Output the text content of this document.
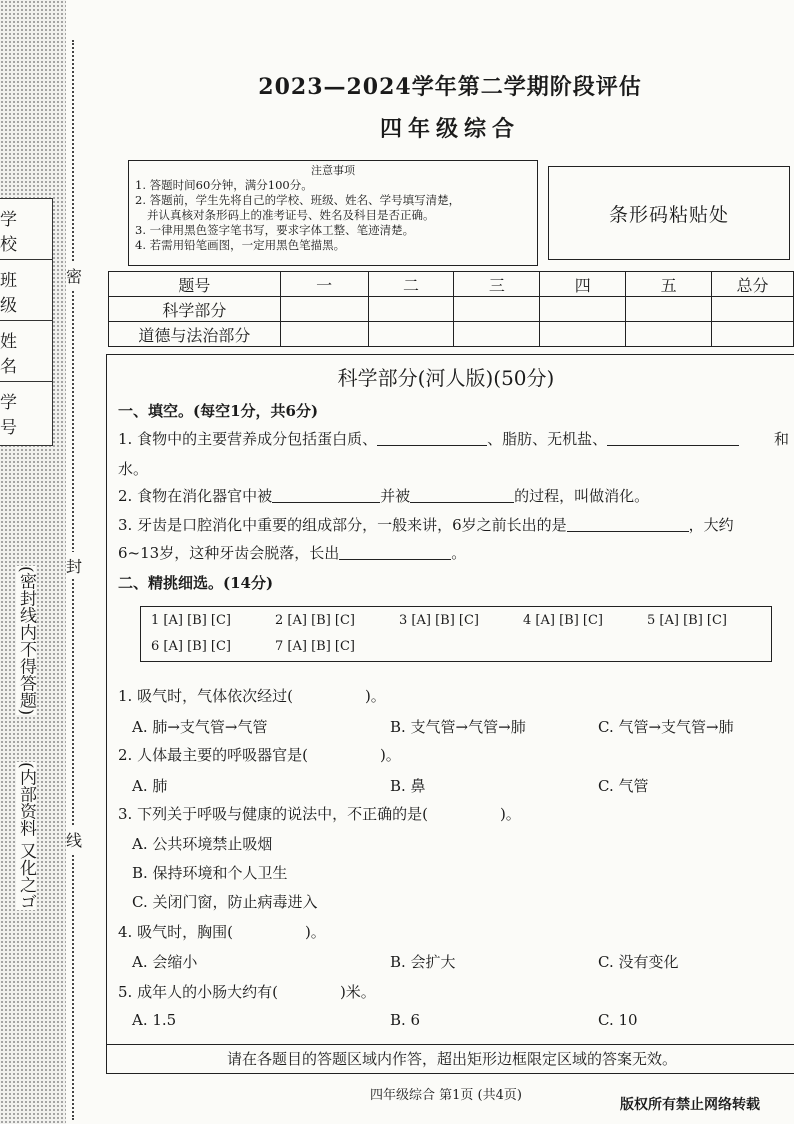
学 校
班 级
姓 名
学 号
密
封
线
(密封线内不得答题)
(内部资料 又化之ゴ
2023—2024学年第二学期阶段评估
四年级综合
注意事项
1. 答题时间60分钟，满分100分。
2. 答题前，学生先将自己的学校、班级、姓名、学号填写清楚，
并认真核对条形码上的准考证号、姓名及科目是否正确。
3. 一律用黑色签字笔书写，要求字体工整、笔迹清楚。
4. 若需用铅笔画图，一定用黑色笔描黑。
条形码粘贴处
题号	一	二	三	四	五	总分
科学部分						
道德与法治部分						
科学部分(河人版)(50分)
一、填空。(每空1分，共6分)
1. 食物中的主要营养成分包括蛋白质、	、脂肪、无机盐、	和
水。
2. 食物在消化器官中被	并被	的过程，叫做消化。
3. 牙齿是口腔消化中重要的组成部分，一般来讲，6岁之前长出的是	，大约
6~13岁，这种牙齿会脱落，长出	。
二、精挑细选。(14分)
1 [A] [B] [C]	2 [A] [B] [C]	3 [A] [B] [C]	4 [A] [B] [C]	5 [A] [B] [C]
6 [A] [B] [C]	7 [A] [B] [C]
1. 吸气时，气体依次经过(	)。
A. 肺→支气管→气管	B. 支气管→气管→肺	C. 气管→支气管→肺
2. 人体最主要的呼吸器官是(	)。
A. 肺	B. 鼻	C. 气管
3. 下列关于呼吸与健康的说法中，不正确的是(	)。
A. 公共环境禁止吸烟
B. 保持环境和个人卫生
C. 关闭门窗，防止病毒进入
4. 吸气时，胸围(	)。
A. 会缩小	B. 会扩大	C. 没有变化
5. 成年人的小肠大约有(	)米。
A. 1.5	B. 6	C. 10
请在各题目的答题区域内作答，超出矩形边框限定区域的答案无效。
四年级综合 第1页 (共4页)
版权所有禁止网络转载
